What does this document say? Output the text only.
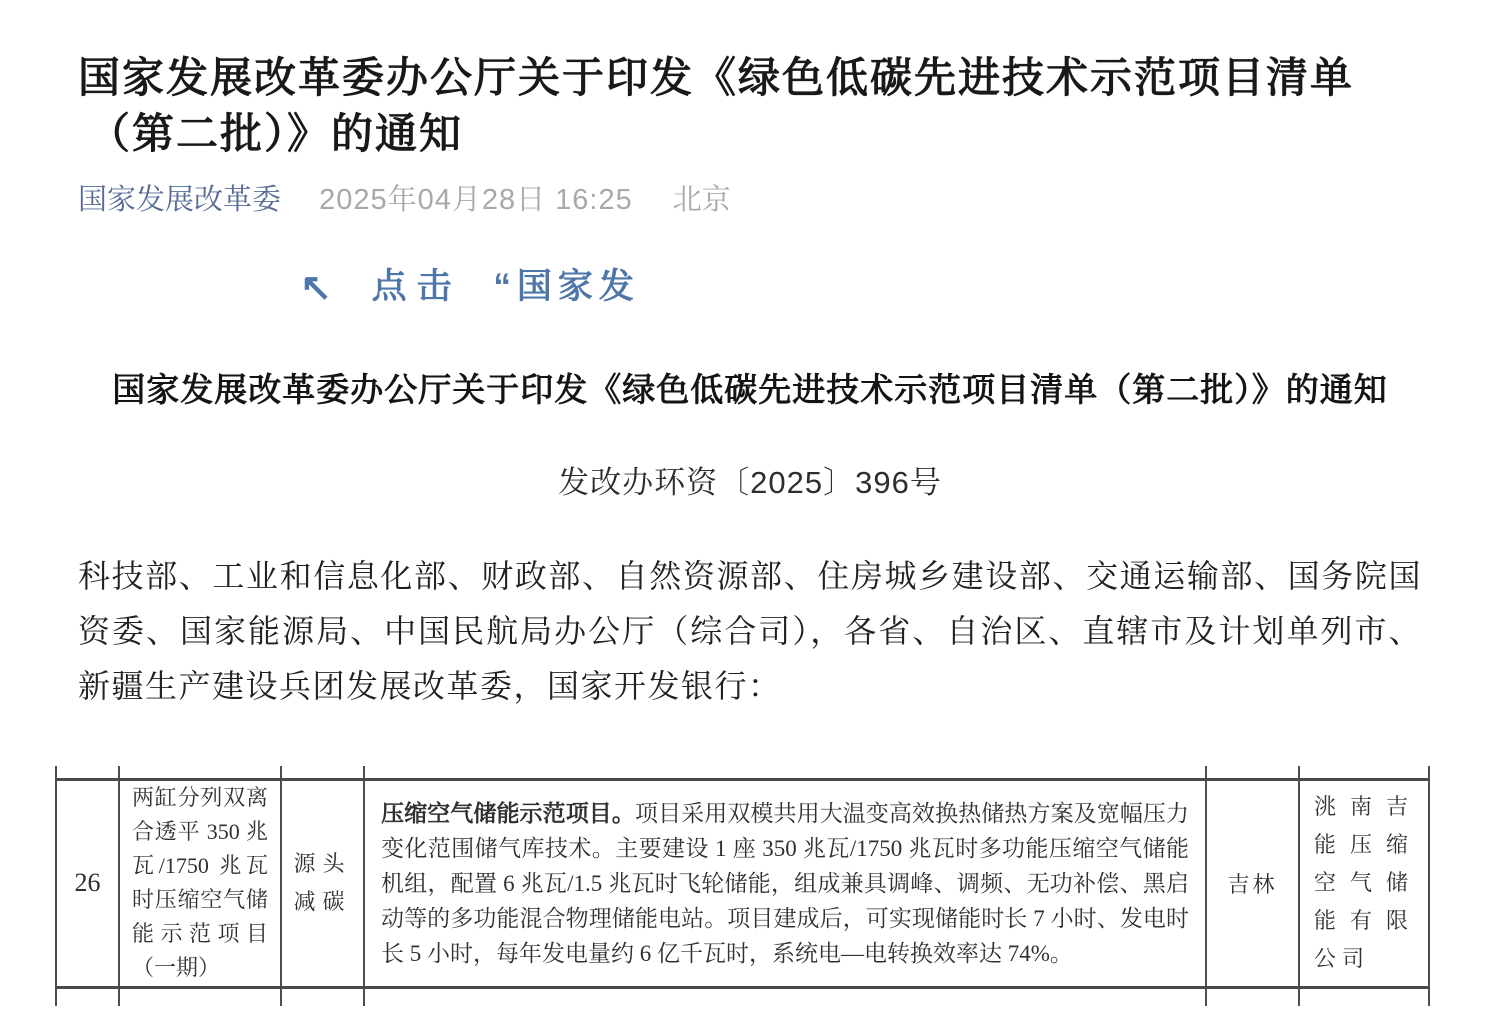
国家发展改革委办公厅关于印发《绿色低碳先进技术示范项目清单
（第二批）》的通知
国家发展改革委 2025年04月28日 16:25 北京
↖ 点击 “国家发
国家发展改革委办公厅关于印发《绿色低碳先进技术示范项目清单（第二批）》的通知
发改办环资〔2025〕396号

科技部、工业和信息化部、财政部、自然资源部、住房城乡建设部、交通运输部、国务院国资委、国家能源局、中国民航局办公厅（综合司），各省、自治区、直辖市及计划单列市、新疆生产建设兵团发展改革委，国家开发银行：

26	两缸分列双离合透平 350 兆瓦/1750 兆瓦时压缩空气储能示范项目（一期）	源头减碳	压缩空气储能示范项目。项目采用双模共用大温变高效换热储热方案及宽幅压力变化范围储气库技术。主要建设 1 座 350 兆瓦/1750 兆瓦时多功能压缩空气储能机组，配置 6 兆瓦/1.5 兆瓦时飞轮储能，组成兼具调峰、调频、无功补偿、黑启动等的多功能混合物理储能电站。项目建成后，可实现储能时长 7 小时、发电时长 5 小时，每年发电量约 6 亿千瓦时，系统电—电转换效率达 74%。	吉林	洮南吉能压缩空气储能有限公司
